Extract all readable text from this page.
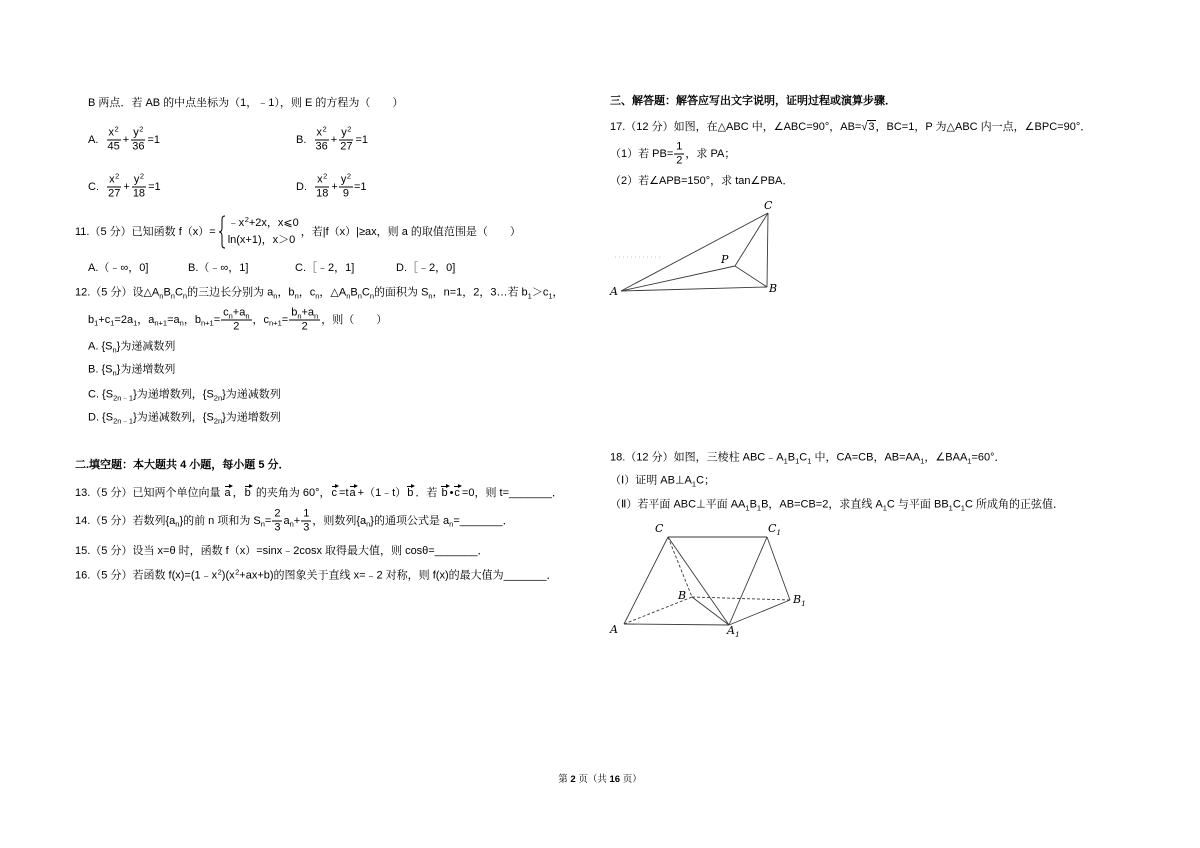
B 两点．若 AB 的中点坐标为（1，﹣1），则 E 的方程为（　　）
A. $\frac{x^2}{45} + \frac{y^2}{36} =1$	B. $\frac{x^2}{36} + \frac{y^2}{27} =1$
C. $\frac{x^2}{27} + \frac{y^2}{18} =1$	D. $\frac{x^2}{18} + \frac{y^2}{9} =1$
11.（5 分）已知函数 f（x）=
$﹣x^2+2x$，x⩽0
ln(x+1)，x＞0
，若|f（x）|≥ax，则 a 的取值范围是（　　）
A.（﹣∞，0]	B.（﹣∞，1]	C.［﹣2，1]	D.［﹣2，0]
12.（5 分）设$\triangle A_nB_nC_n$的三边长分别为 $a_n$，$b_n$，$c_n$，$\triangle A_nB_nC_n$的面积为 $S_n$，n=1，2，3…若 $b_1>c_1$，
$b_1+c_1=2a_1$，$a_{n+1}=a_n$，$b_{n+1}= \frac{c_n+a_n}{2}$ ，$c_{n+1}= \frac{b_n+a_n}{2}$ ，则（　　）
A. $\{S_n\}$为递减数列
B. $\{S_n\}$为递增数列
C. $\{S_{2n﹣1}\}$为递增数列，$\{S_{2n}\}$为递减数列
D. $\{S_{2n﹣1}\}$为递减数列，$\{S_{2n}\}$为递增数列
二.填空题：本大题共 4 小题，每小题 5 分．
13.（5 分）已知两个单位向量 a ，b 的夹角为 60°，c =ta +（1﹣t）b ．若 b •c =0，则 t=_______．
14.（5 分）若数列$\{a_n\}$的前 n 项和为 $S_n= \frac{2}{3} a_n+ \frac{1}{3}$ ，则数列$\{a_n\}$的通项公式是 $a_n=\_\_\_\_\_\_\_$．
15.（5 分）设当 x=θ 时，函数 f（x）=sinx﹣2cosx 取得最大值，则 cosθ=_______．
16.（5 分）若函数 $f(x)=(1﹣x^2)(x^2+ax+b)$的图象关于直线 x=﹣2 对称，则 f(x)的最大值为_______．
三、解答题：解答应写出文字说明，证明过程或演算步骤．
17.（12 分）如图，在△ABC 中，∠ABC=90°，AB=√3，BC=1，P 为△ABC 内一点，∠BPC=90°．
（1）若 $PB= \frac{1}{2}$ ，求 PA；
（2）若∠APB=150°，求 tan∠PBA．
C
P
A	B
18.（12 分）如图，三棱柱 $ABC﹣A_1B_1C_1$ 中，CA=CB，$AB=AA_1$，$\angle BAA_1=60^\circ$．
（Ⅰ）证明 $AB\perp A_1C$；
（Ⅱ）若平面 ABC⊥平面 $AA_1B_1B$，AB=CB=2，求直线 $A_1C$ 与平面 $BB_1C_1C$ 所成角的正弦值．
C	$C_1$
B	$B_1$
A	$A_1$
第 2 页（共 16 页）
